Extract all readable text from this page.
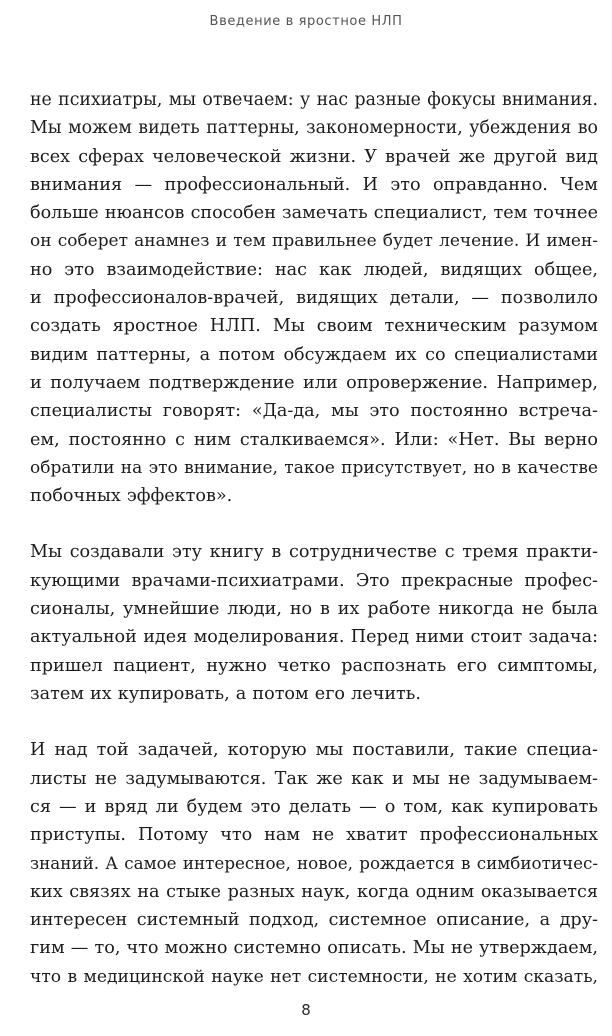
Введение в яростное НЛП
не психиатры, мы отвечаем: у нас разные фокусы внимания.
Мы можем видеть паттерны, закономерности, убеждения во
всех сферах человеческой жизни. У врачей же другой вид
внимания — профессиональный. И это оправданно. Чем
больше нюансов способен замечать специалист, тем точнее
он соберет анамнез и тем правильнее будет лечение. И имен-
но это взаимодействие: нас как людей, видящих общее,
и профессионалов-врачей, видящих детали, — позволило
создать яростное НЛП. Мы своим техническим разумом
видим паттерны, а потом обсуждаем их со специалистами
и получаем подтверждение или опровержение. Например,
специалисты говорят: «Да-да, мы это постоянно встреча-
ем, постоянно с ним сталкиваемся». Или: «Нет. Вы верно
обратили на это внимание, такое присутствует, но в качестве
побочных эффектов».
Мы создавали эту книгу в сотрудничестве с тремя практи-
кующими врачами-психиатрами. Это прекрасные профес-
сионалы, умнейшие люди, но в их работе никогда не была
актуальной идея моделирования. Перед ними стоит задача:
пришел пациент, нужно четко распознать его симптомы,
затем их купировать, а потом его лечить.
И над той задачей, которую мы поставили, такие специа-
листы не задумываются. Так же как и мы не задумываем-
ся — и вряд ли будем это делать — о том, как купировать
приступы. Потому что нам не хватит профессиональных
знаний. А самое интересное, новое, рождается в симбиотичес-
ких связях на стыке разных наук, когда одним оказывается
интересен системный подход, системное описание, а дру-
гим — то, что можно системно описать. Мы не утверждаем,
что в медицинской науке нет системности, не хотим сказать,
8
